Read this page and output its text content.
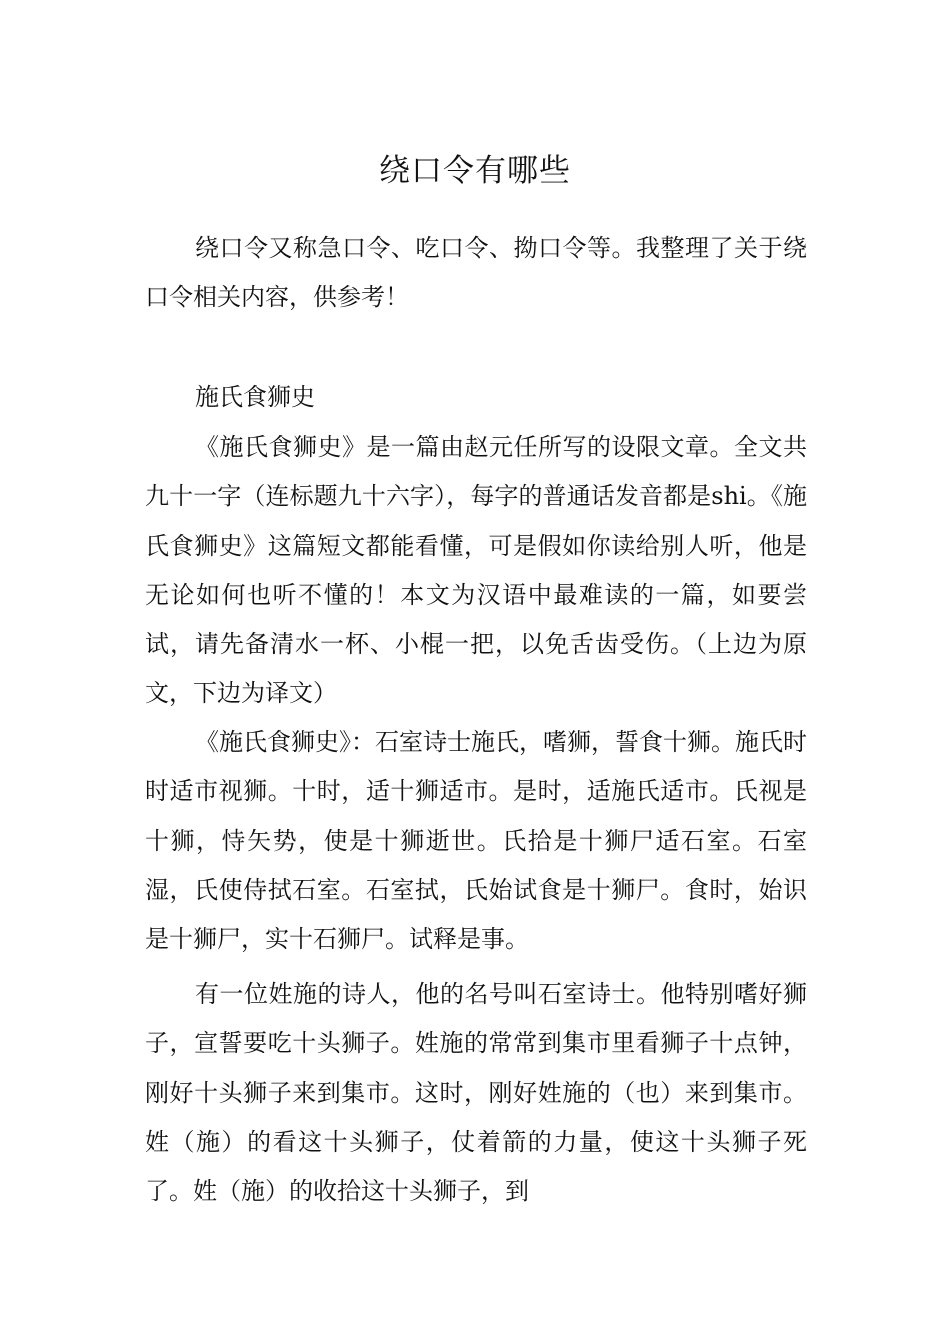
绕口令有哪些

绕口令又称急口令、吃口令、拗口令等。我整理了关于绕口令相关内容，供参考！

施氏食狮史

《施氏食狮史》是一篇由赵元任所写的设限文章。全文共九十一字（连标题九十六字），每字的普通话发音都是shi。《施氏食狮史》这篇短文都能看懂，可是假如你读给别人听，他是无论如何也听不懂的！本文为汉语中最难读的一篇，如要尝试，请先备清水一杯、小棍一把，以免舌齿受伤。（上边为原文，下边为译文）

《施氏食狮史》：石室诗士施氏，嗜狮，誓食十狮。施氏时时适市视狮。十时，适十狮适市。是时，适施氏适市。氏视是十狮，恃矢势，使是十狮逝世。氏拾是十狮尸适石室。石室湿，氏使侍拭石室。石室拭，氏始试食是十狮尸。食时，始识是十狮尸，实十石狮尸。试释是事。

有一位姓施的诗人，他的名号叫石室诗士。他特别嗜好狮子，宣誓要吃十头狮子。姓施的常常到集市里看狮子十点钟，刚好十头狮子来到集市。这时，刚好姓施的（也）来到集市。姓（施）的看这十头狮子，仗着箭的力量，使这十头狮子死了。姓（施）的收拾这十头狮子，到
